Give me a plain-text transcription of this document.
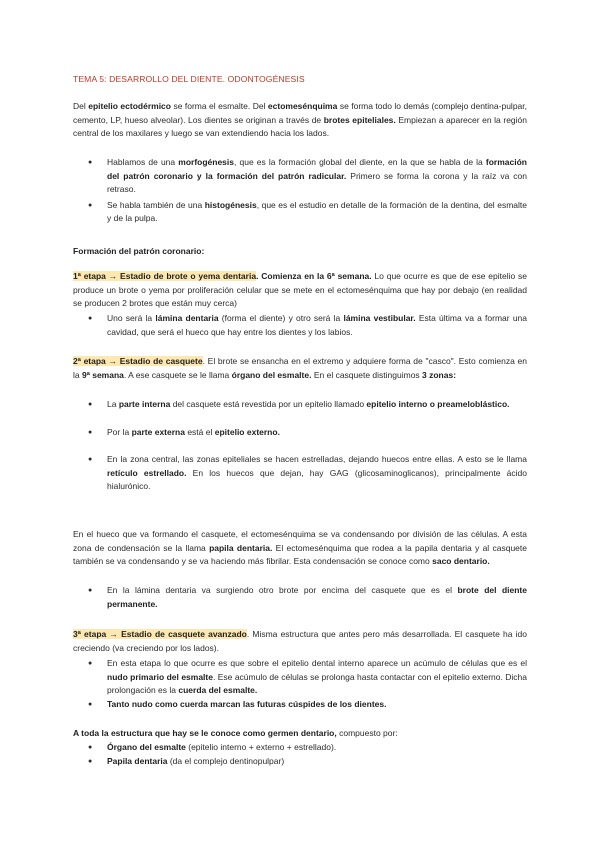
TEMA 5: DESARROLLO DEL DIENTE. ODONTOGÉNESIS

Del epitelio ectodérmico se forma el esmalte. Del ectomesénquima se forma todo lo demás (complejo dentina-pulpar, cemento, LP, hueso alveolar). Los dientes se originan a través de brotes epiteliales. Empiezan a aparecer en la región central de los maxilares y luego se van extendiendo hacia los lados.

● Hablamos de una morfogénesis, que es la formación global del diente, en la que se habla de la formación del patrón coronario y la formación del patrón radicular. Primero se forma la corona y la raíz va con retraso.
● Se habla también de una histogénesis, que es el estudio en detalle de la formación de la dentina, del esmalte y de la pulpa.

Formación del patrón coronario:

1ª etapa → Estadio de brote o yema dentaria. Comienza en la 6ª semana. Lo que ocurre es que de ese epitelio se produce un brote o yema por proliferación celular que se mete en el ectomesénquima que hay por debajo (en realidad se producen 2 brotes que están muy cerca)

● Uno será la lámina dentaria (forma el diente) y otro será la lámina vestibular. Esta última va a formar una cavidad, que será el hueco que hay entre los dientes y los labios.

2ª etapa → Estadio de casquete. El brote se ensancha en el extremo y adquiere forma de "casco". Esto comienza en la 9ª semana. A ese casquete se le llama órgano del esmalte. En el casquete distinguimos 3 zonas:

● La parte interna del casquete está revestida por un epitelio llamado epitelio interno o preameloblástico.
● Por la parte externa está el epitelio externo.
● En la zona central, las zonas epiteliales se hacen estrelladas, dejando huecos entre ellas. A esto se le llama retículo estrellado. En los huecos que dejan, hay GAG (glicosaminoglicanos), principalmente ácido hialurónico.

En el hueco que va formando el casquete, el ectomesénquima se va condensando por división de las células. A esta zona de condensación se la llama papila dentaria. El ectomesénquima que rodea a la papila dentaria y al casquete también se va condensando y se va haciendo más fibrilar. Esta condensación se conoce como saco dentario.

● En la lámina dentaria va surgiendo otro brote por encima del casquete que es el brote del diente permanente.

3ª etapa → Estadio de casquete avanzado. Misma estructura que antes pero más desarrollada. El casquete ha ido creciendo (va creciendo por los lados).

● En esta etapa lo que ocurre es que sobre el epitelio dental interno aparece un acúmulo de células que es el nudo primario del esmalte. Ese acúmulo de células se prolonga hasta contactar con el epitelio externo. Dicha prolongación es la cuerda del esmalte.
● Tanto nudo como cuerda marcan las futuras cúspides de los dientes.

A toda la estructura que hay se le conoce como germen dentario, compuesto por:

● Órgano del esmalte (epitelio interno + externo + estrellado).
● Papila dentaria (da el complejo dentinopulpar)
